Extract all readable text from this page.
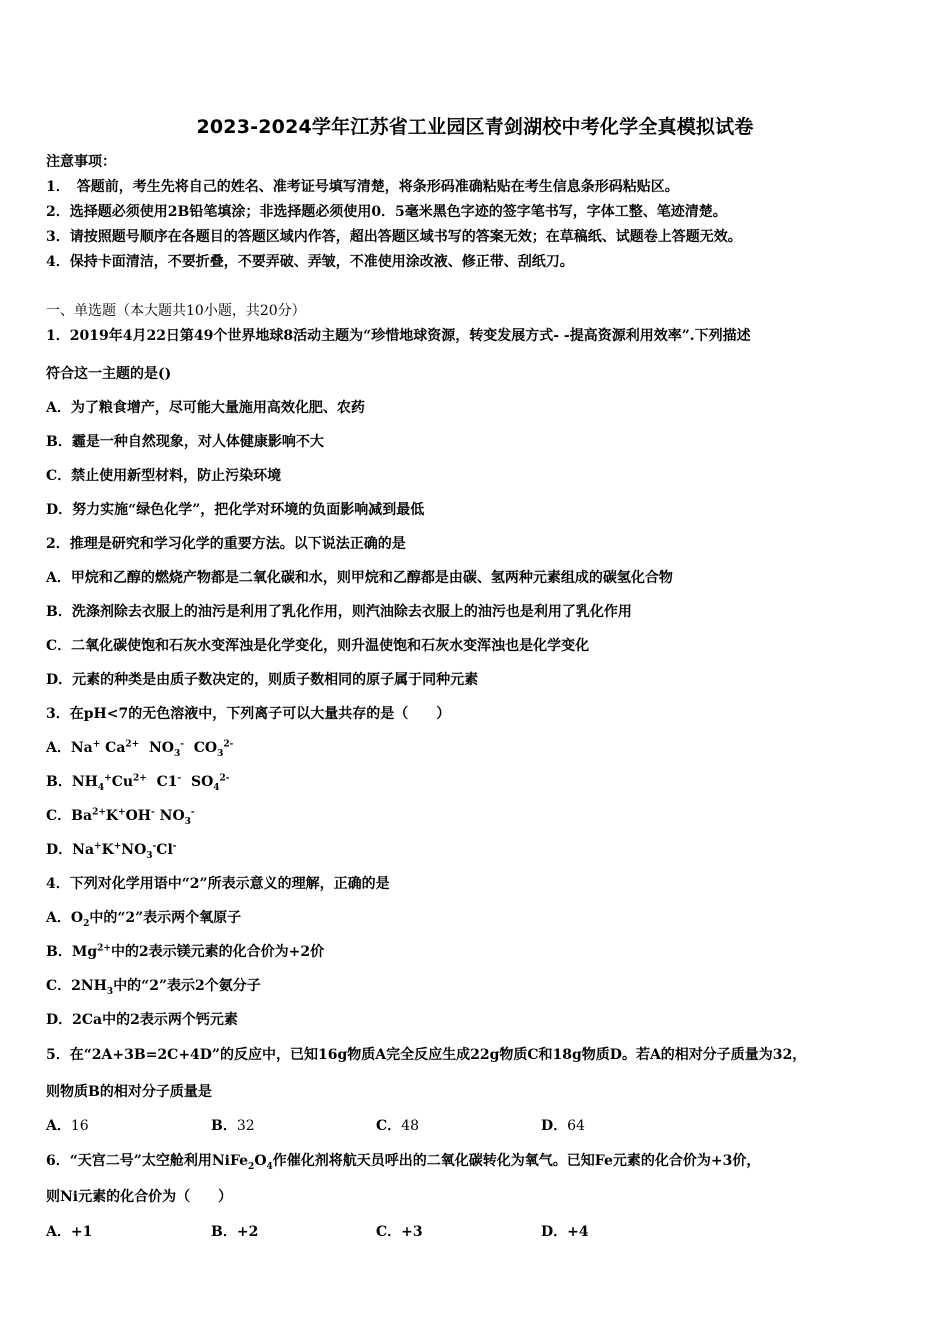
2023-2024学年江苏省工业园区青剑湖校中考化学全真模拟试卷
注意事项：
1．　答题前，考生先将自己的姓名、准考证号填写清楚，将条形码准确粘贴在考生信息条形码粘贴区。
2．选择题必须使用2B铅笔填涂；非选择题必须使用0．5毫米黑色字迹的签字笔书写，字体工整、笔迹清楚。
3．请按照题号顺序在各题目的答题区域内作答，超出答题区域书写的答案无效；在草稿纸、试题卷上答题无效。
4．保持卡面清洁，不要折叠，不要弄破、弄皱，不准使用涂改液、修正带、刮纸刀。
一、单选题（本大题共10小题，共20分）
1．2019年4月22日第49个世界地球8活动主题为“珍惜地球资源，转变发展方式- -提高资源利用效率”.下列描述
符合这一主题的是()
A．为了粮食增产，尽可能大量施用高效化肥、农药
B．霾是一种自然现象，对人体健康影响不大
C．禁止使用新型材料，防止污染环境
D．努力实施“绿色化学”，把化学对环境的负面影响减到最低
2．推理是研究和学习化学的重要方法。以下说法正确的是
A．甲烷和乙醇的燃烧产物都是二氧化碳和水，则甲烷和乙醇都是由碳、氢两种元素组成的碳氢化合物
B．洗涤剂除去衣服上的油污是利用了乳化作用，则汽油除去衣服上的油污也是利用了乳化作用
C．二氧化碳使饱和石灰水变浑浊是化学变化，则升温使饱和石灰水变浑浊也是化学变化
D．元素的种类是由质子数决定的，则质子数相同的原子属于同种元素
3．在pH<7的无色溶液中，下列离子可以大量共存的是（　　）
A．Na+ $Ca^{2+}$ $NO_3^-$ $CO_3^{2-}$
B．$NH_4^+Cu^{2+}$ C1- $SO_4^{2-}$
C．$Ba^{2+}K^+OH^-$ $NO_3^-$
D．$Na^+K^+NO_3^-Cl^-$
4．下列对化学用语中“2”所表示意义的理解，正确的是
A．$O_2$中的“2”表示两个氧原子
B．$Mg^{2+}$中的2表示镁元素的化合价为+2价
C．$2NH_3$中的“2”表示2个氨分子
D．2Ca中的2表示两个钙元素
5．在“2A+3B=2C+4D”的反应中，已知16g物质A完全反应生成22g物质C和18g物质D。若A的相对分子质量为32，
则物质B的相对分子质量是
A．16	B．32	C．48	D．64
6．“天宫二号”太空舱利用$NiFe_2O_4$作催化剂将航天员呼出的二氧化碳转化为氧气。已知Fe元素的化合价为+3价，
则Ni元素的化合价为（　　）
A．+1	B．+2	C．+3	D．+4
